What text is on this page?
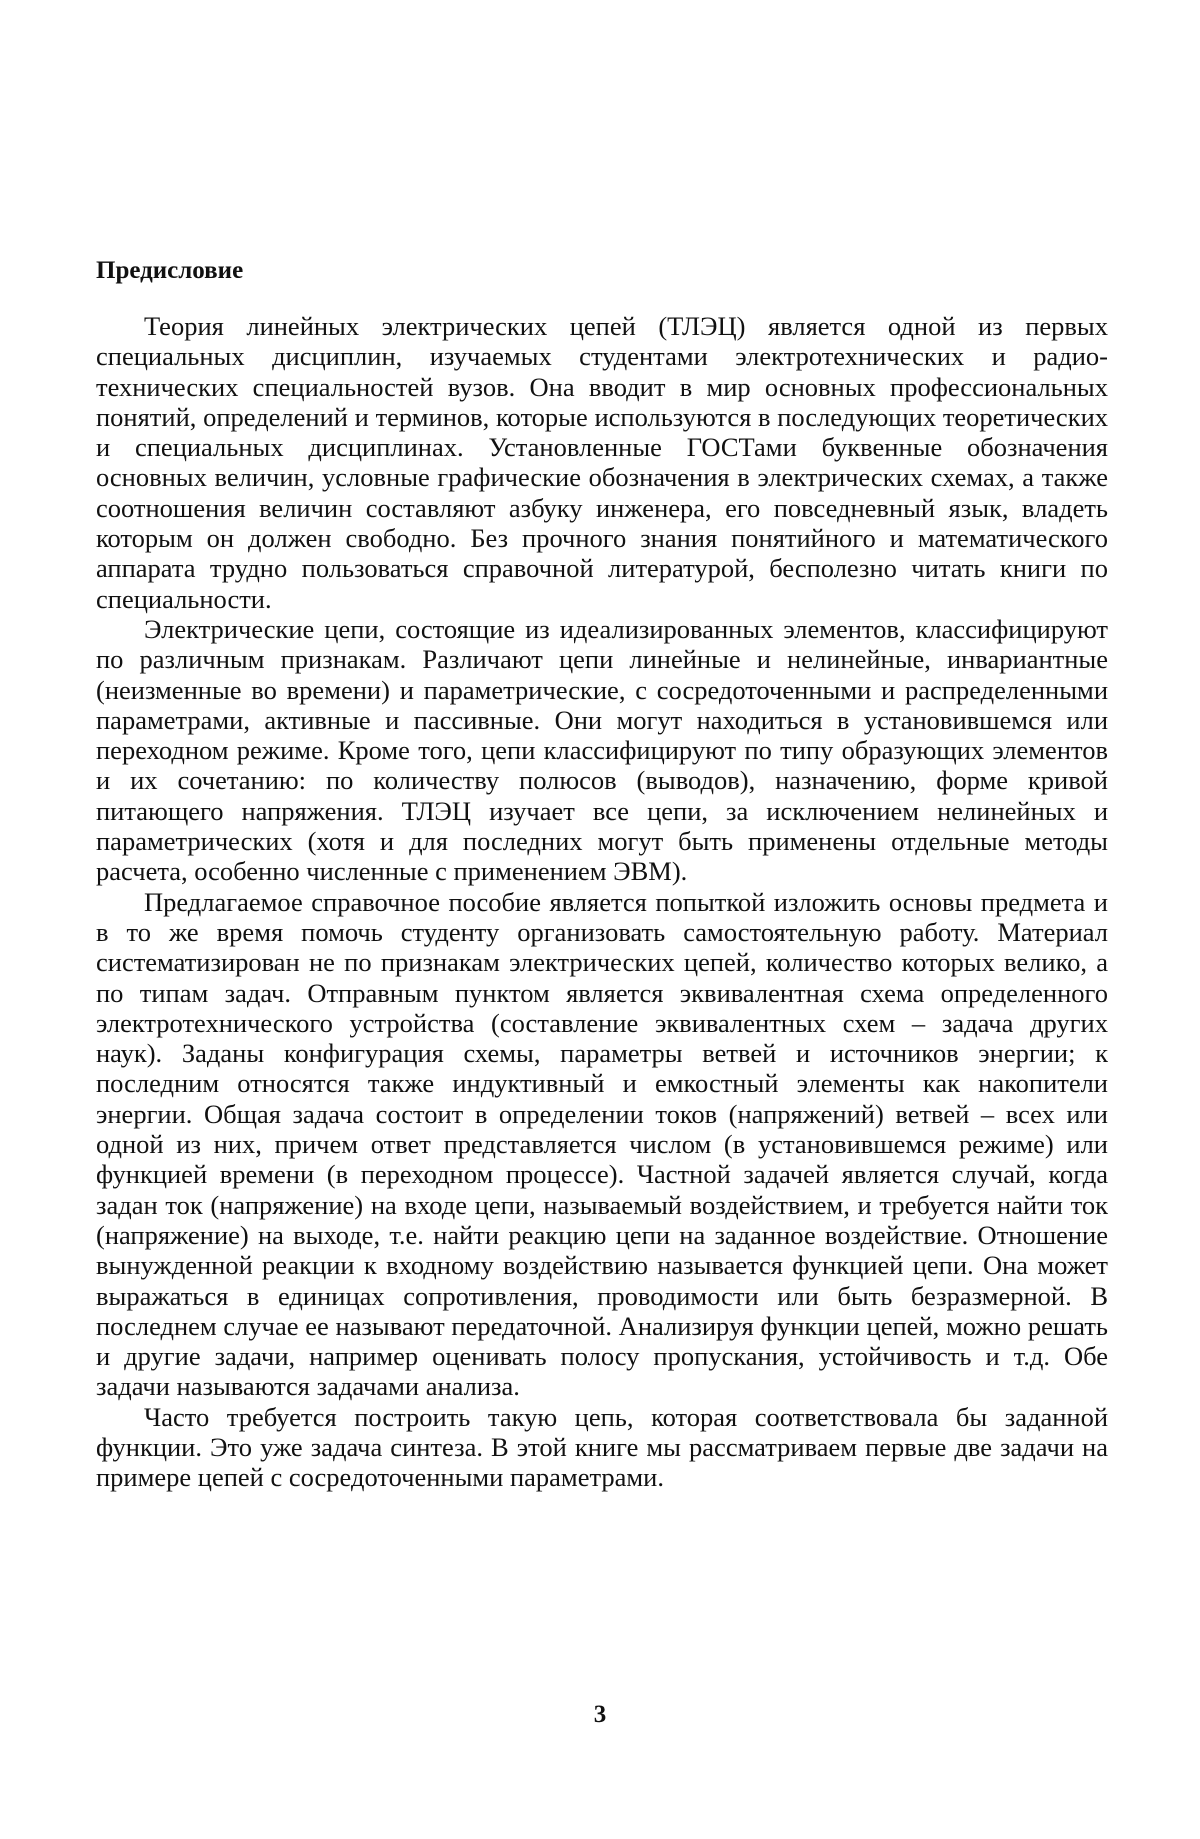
Предисловие

Теория линейных электрических цепей (ТЛЭЦ) является одной из первых специальных дисциплин, изучаемых студентами электротехнических и радиотехнических специальностей вузов. Она вводит в мир основных профессиональных понятий, определений и терминов, которые используются в последующих теоретических и специальных дисциплинах. Установленные ГОСТами буквенные обозначения основных величин, условные графические обозначения в электрических схемах, а также соотношения величин составляют азбуку инженера, его повседневный язык, владеть которым он должен свободно. Без прочного знания понятийного и математического аппарата трудно пользоваться справочной литературой, бесполезно читать книги по специальности.

Электрические цепи, состоящие из идеализированных элементов, классифицируют по различным признакам. Различают цепи линейные и нелинейные, инвариантные (неизменные во времени) и параметрические, с сосредоточенными и распределенными параметрами, активные и пассивные. Они могут находиться в установившемся или переходном режиме. Кроме того, цепи классифицируют по типу образующих элементов и их сочетанию: по количеству полюсов (выводов), назначению, форме кривой питающего напряжения. ТЛЭЦ изучает все цепи, за исключением нелинейных и параметрических (хотя и для последних могут быть применены отдельные методы расчета, особенно численные с применением ЭВМ).

Предлагаемое справочное пособие является попыткой изложить основы предмета и в то же время помочь студенту организовать самостоятельную работу. Материал систематизирован не по признакам электрических цепей, количество которых велико, а по типам задач. Отправным пунктом является эквивалентная схема определенного электротехнического устройства (составление эквивалентных схем – задача других наук). Заданы конфигурация схемы, параметры ветвей и источников энергии; к последним относятся также индуктивный и емкостный элементы как накопители энергии. Общая задача состоит в определении токов (напряжений) ветвей – всех или одной из них, причем ответ представляется числом (в установившемся режиме) или функцией времени (в переходном процессе). Частной задачей является случай, когда задан ток (напряжение) на входе цепи, называемый воздействием, и требуется найти ток (напряжение) на выходе, т.е. найти реакцию цепи на заданное воздействие. Отношение вынужденной реакции к входному воздействию называется функцией цепи. Она может выражаться в единицах сопротивления, проводимости или быть безразмерной. В последнем случае ее называют передаточной. Анализируя функции цепей, можно решать и другие задачи, например оценивать полосу пропускания, устойчивость и т.д. Обе задачи называются задачами анализа.

Часто требуется построить такую цепь, которая соответствовала бы заданной функции. Это уже задача синтеза. В этой книге мы рассматриваем первые две задачи на примере цепей с сосредоточенными параметрами.

3
